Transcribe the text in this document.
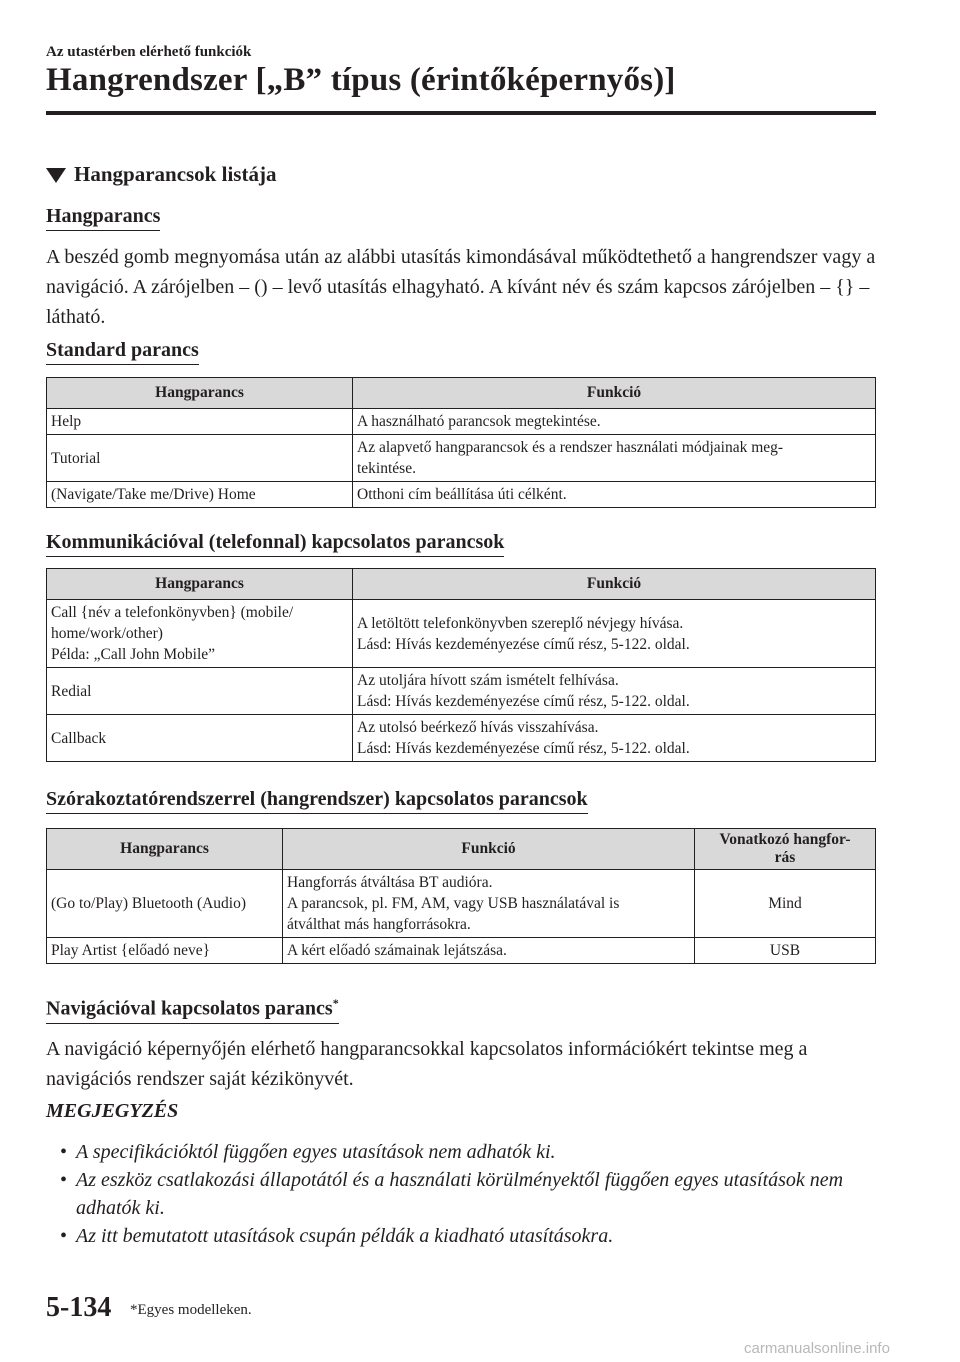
Az utastérben elérhető funkciók
Hangrendszer [„B” típus (érintőképernyős)]
Hangparancsok listája
Hangparancs
A beszéd gomb megnyomása után az alábbi utasítás kimondásával működtethető a hangrendszer vagy a navigáció. A zárójelben – () – levő utasítás elhagyható. A kívánt név és szám kapcsos zárójelben – {} – látható.
Standard parancs
Hangparancs	Funkció
Help	A használható parancsok megtekintése.
Tutorial	Az alapvető hangparancsok és a rendszer használati módjainak meg-
tekintése.
(Navigate/Take me/Drive) Home	Otthoni cím beállítása úti célként.
Kommunikációval (telefonnal) kapcsolatos parancsok
Hangparancs	Funkció
Call {név a telefonkönyvben} (mobile/
home/work/other)
Példa: „Call John Mobile”	A letöltött telefonkönyvben szereplő névjegy hívása.
Lásd: Hívás kezdeményezése című rész, 5-122. oldal.
Redial	Az utoljára hívott szám ismételt felhívása.
Lásd: Hívás kezdeményezése című rész, 5-122. oldal.
Callback	Az utolsó beérkező hívás visszahívása.
Lásd: Hívás kezdeményezése című rész, 5-122. oldal.
Szórakoztatórendszerrel (hangrendszer) kapcsolatos parancsok
Hangparancs	Funkció	Vonatkozó hangfor-
rás
(Go to/Play) Bluetooth (Audio)	Hangforrás átváltása BT audióra.
A parancsok, pl. FM, AM, vagy USB használatával is
átválthat más hangforrásokra.	Mind
Play Artist {előadó neve}	A kért előadó számainak lejátszása.	USB
Navigációval kapcsolatos parancs*
A navigáció képernyőjén elérhető hangparancsokkal kapcsolatos információkért tekintse meg a navigációs rendszer saját kézikönyvét.
MEGJEGYZÉS
• A specifikációktól függően egyes utasítások nem adhatók ki.
• Az eszköz csatlakozási állapotától és a használati körülményektől függően egyes utasítások nem adhatók ki.
• Az itt bemutatott utasítások csupán példák a kiadható utasításokra.
5-134 *Egyes modelleken.
carmanualsonline.info
